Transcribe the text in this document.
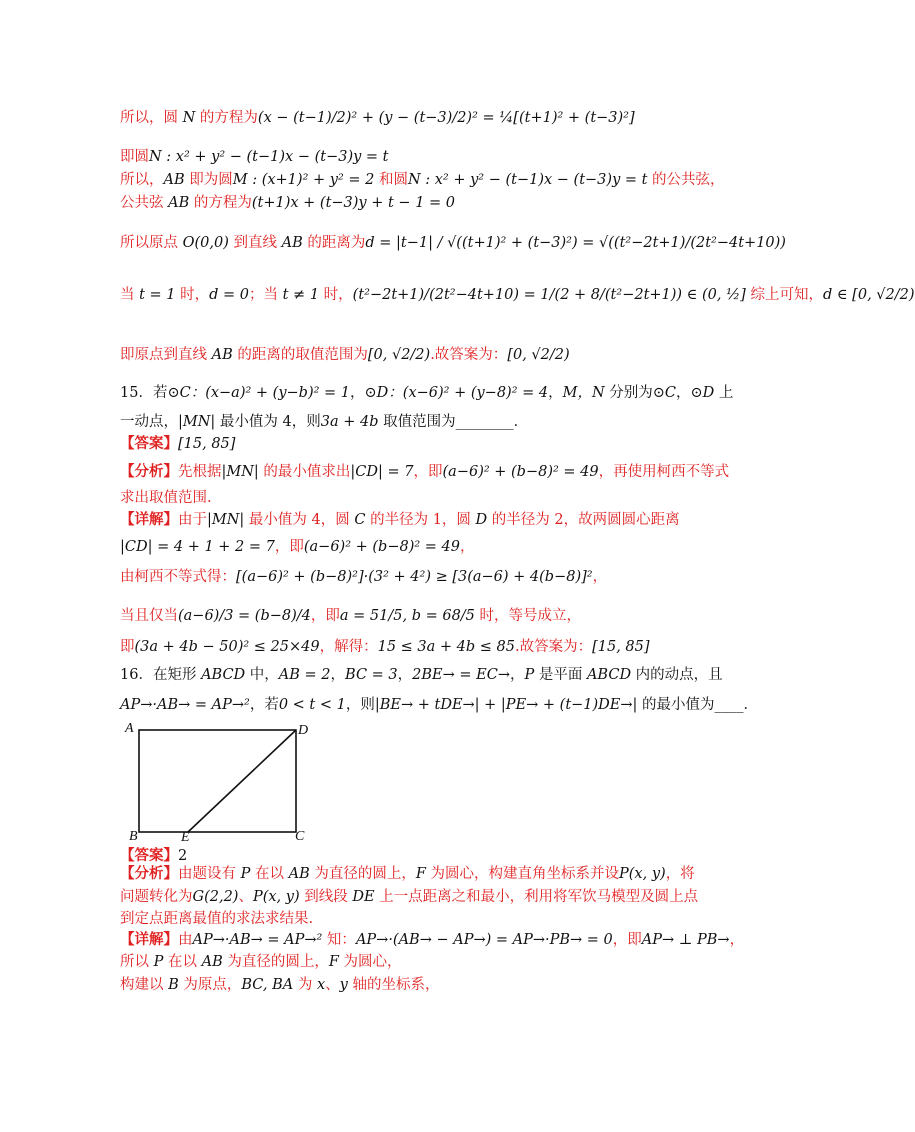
所以，圆 N 的方程为(x − (t−1)/2)² + (y − (t−3)/2)² = ¼[(t+1)² + (t−3)²]
即圆N : x² + y² − (t−1)x − (t−3)y = t
所以，AB 即为圆M : (x+1)² + y² = 2 和圆N : x² + y² − (t−1)x − (t−3)y = t 的公共弦，
公共弦 AB 的方程为(t+1)x + (t−3)y + t − 1 = 0
所以原点 O(0,0) 到直线 AB 的距离为d = |t−1| / √((t+1)² + (t−3)²) = √((t²−2t+1)/(2t²−4t+10))
当 t = 1 时，d = 0；当 t ≠ 1 时，(t²−2t+1)/(2t²−4t+10) = 1/(2 + 8/(t²−2t+1)) ∈ (0, ½] 综上可知，d ∈ [0, √2/2)
即原点到直线 AB 的距离的取值范围为[0, √2/2).故答案为：[0, √2/2)
15．若⊙C：(x−a)² + (y−b)² = 1，⊙D：(x−6)² + (y−8)² = 4，M，N 分别为⊙C，⊙D 上
一动点，|MN| 最小值为 4，则3a + 4b 取值范围为________．
【答案】[15, 85]
【分析】先根据|MN| 的最小值求出|CD| = 7，即(a−6)² + (b−8)² = 49，再使用柯西不等式
求出取值范围.
【详解】由于|MN| 最小值为 4，圆 C 的半径为 1，圆 D 的半径为 2，故两圆圆心距离
|CD| = 4 + 1 + 2 = 7，即(a−6)² + (b−8)² = 49，
由柯西不等式得：[(a−6)² + (b−8)²]·(3² + 4²) ≥ [3(a−6) + 4(b−8)]²，
当且仅当(a−6)/3 = (b−8)/4，即a = 51/5, b = 68/5 时，等号成立，
即(3a + 4b − 50)² ≤ 25×49，解得：15 ≤ 3a + 4b ≤ 85.故答案为：[15, 85]
16．在矩形 ABCD 中，AB = 2，BC = 3，2BE→ = EC→，P 是平面 ABCD 内的动点，且
AP→·AB→ = AP→²，若0 < t < 1，则|BE→ + tDE→| + |PE→ + (t−1)DE→| 的最小值为____．
【答案】2
【分析】由题设有 P 在以 AB 为直径的圆上，F 为圆心，构建直角坐标系并设P(x, y)，将
问题转化为G(2,2)、P(x, y) 到线段 DE 上一点距离之和最小，利用将军饮马模型及圆上点
到定点距离最值的求法求结果.
【详解】由AP→·AB→ = AP→² 知：AP→·(AB→ − AP→) = AP→·PB→ = 0，即AP→ ⊥ PB→，
所以 P 在以 AB 为直径的圆上，F 为圆心，
构建以 B 为原点，BC, BA 为 x、y 轴的坐标系，
A	D
B	E	C
